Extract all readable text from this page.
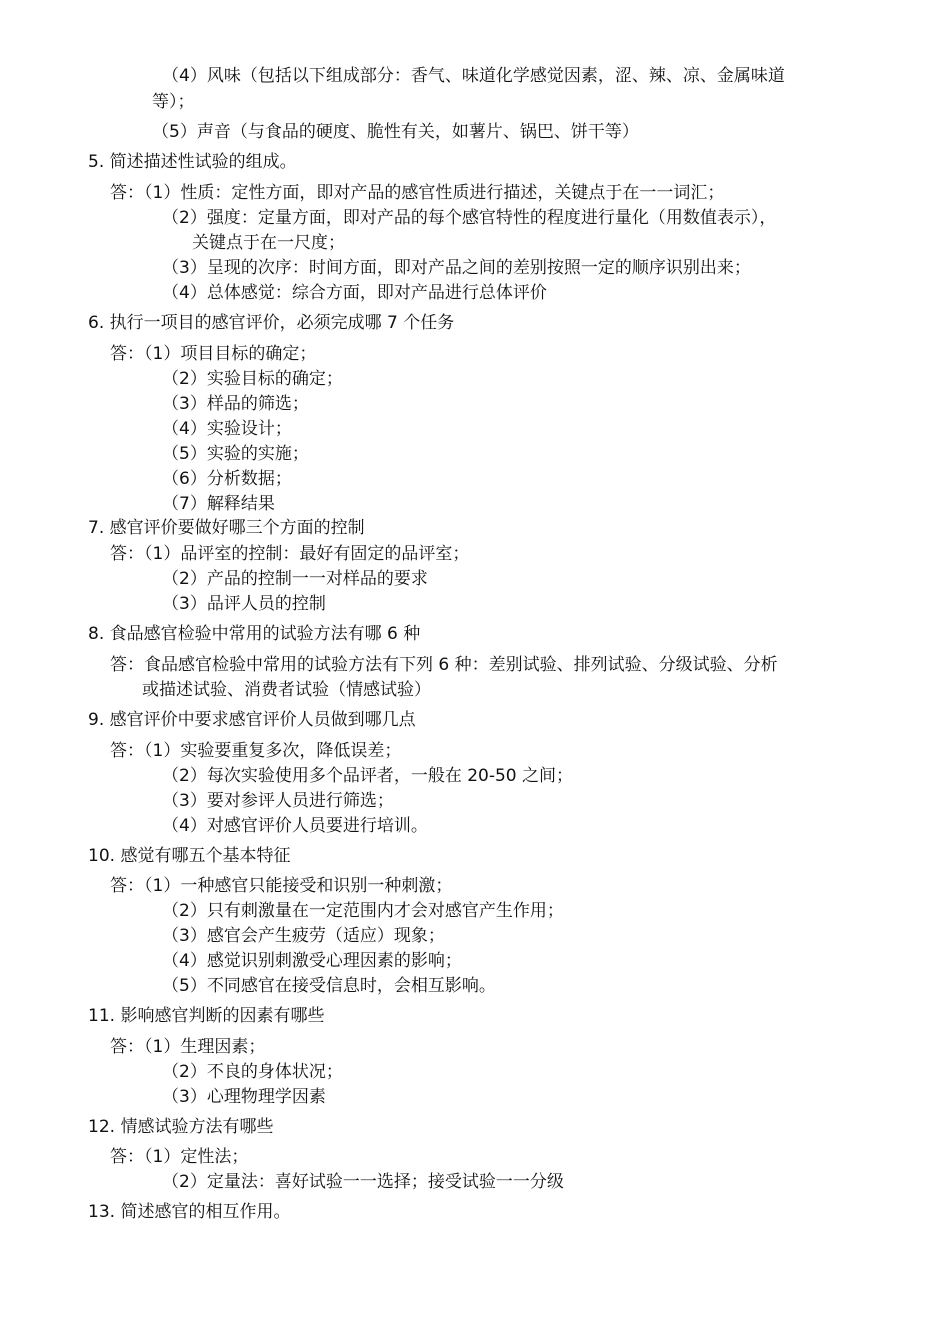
（4）风味（包括以下组成部分：香气、味道化学感觉因素，涩、辣、凉、金属味道
等）；
（5）声音（与食品的硬度、脆性有关，如薯片、锅巴、饼干等）
5. 简述描述性试验的组成。
答：（1）性质：定性方面，即对产品的感官性质进行描述，关键点于在一一词汇；
（2）强度：定量方面，即对产品的每个感官特性的程度进行量化（用数值表示），
关键点于在一尺度；
（3）呈现的次序：时间方面，即对产品之间的差别按照一定的顺序识别出来；
（4）总体感觉：综合方面，即对产品进行总体评价
6. 执行一项目的感官评价，必须完成哪 7 个任务
答：（1）项目目标的确定；
（2）实验目标的确定；
（3）样品的筛选；
（4）实验设计；
（5）实验的实施；
（6）分析数据；
（7）解释结果
7. 感官评价要做好哪三个方面的控制
答：（1）品评室的控制：最好有固定的品评室；
（2）产品的控制一一对样品的要求
（3）品评人员的控制
8. 食品感官检验中常用的试验方法有哪 6 种
答：食品感官检验中常用的试验方法有下列 6 种：差别试验、排列试验、分级试验、分析
或描述试验、消费者试验（情感试验）
9. 感官评价中要求感官评价人员做到哪几点
答：（1）实验要重复多次，降低误差；
（2）每次实验使用多个品评者，一般在 20-50 之间；
（3）要对参评人员进行筛选；
（4）对感官评价人员要进行培训。
10. 感觉有哪五个基本特征
答：（1）一种感官只能接受和识别一种刺激；
（2）只有刺激量在一定范围内才会对感官产生作用；
（3）感官会产生疲劳（适应）现象；
（4）感觉识别刺激受心理因素的影响；
（5）不同感官在接受信息时，会相互影响。
11. 影响感官判断的因素有哪些
答：（1）生理因素；
（2）不良的身体状况；
（3）心理物理学因素
12. 情感试验方法有哪些
答：（1）定性法；
（2）定量法：喜好试验一一选择；接受试验一一分级
13. 简述感官的相互作用。
